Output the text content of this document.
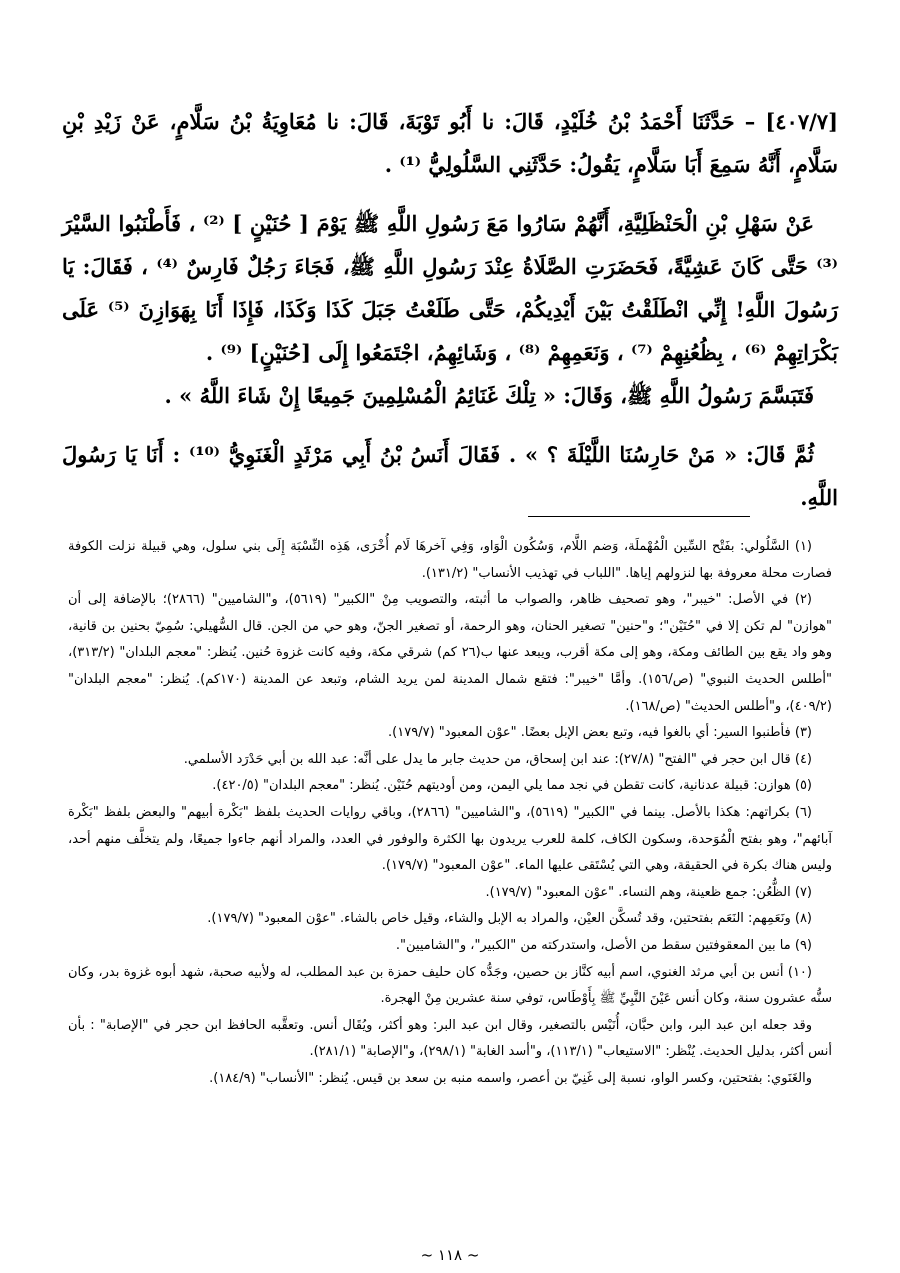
[٤٠٧/٧] – حَدَّثَنَا أَحْمَدُ بْنُ خُلَيْدٍ، قَالَ: نا أَبُو تَوْبَةَ، قَالَ: نا مُعَاوِيَةُ بْنُ سَلَّامٍ، عَنْ زَيْدِ بْنِ سَلَّامٍ، أَنَّهُ سَمِعَ أَبَا سَلَّامٍ، يَقُولُ: حَدَّثَنِي السَّلُولِيُّ ⁽¹⁾ .

عَنْ سَهْلِ بْنِ الْحَنْظَلِيَّةِ، أَنَّهُمْ سَارُوا مَعَ رَسُولِ اللَّهِ ﷺ يَوْمَ [ حُنَيْنٍ ] ⁽²⁾ ، فَأَطْنَبُوا السَّيْرَ ⁽³⁾ حَتَّى كَانَ عَشِيَّةً، فَحَضَرَتِ الصَّلَاةُ عِنْدَ رَسُولِ اللَّهِ ﷺ، فَجَاءَ رَجُلٌ فَارِسٌ ⁽⁴⁾ ، فَقَالَ: يَا رَسُولَ اللَّهِ! إِنِّي انْطَلَقْتُ بَيْنَ أَيْدِيكُمْ، حَتَّى طَلَعْتُ جَبَلَ كَذَا وَكَذَا، فَإِذَا أَنَا بِهَوَازِنَ ⁽⁵⁾ عَلَى بَكْرَاتِهِمْ ⁽⁶⁾ ، بِظُعُنِهِمْ ⁽⁷⁾ ، وَنَعَمِهِمْ ⁽⁸⁾ ، وَشَائِهِمُ، اجْتَمَعُوا إِلَى [حُنَيْنٍ] ⁽⁹⁾ .

فَتَبَسَّمَ رَسُولُ اللَّهِ ﷺ، وَقَالَ: « تِلْكَ غَنَائِمُ الْمُسْلِمِينَ جَمِيعًا إِنْ شَاءَ اللَّهُ » .

ثُمَّ قَالَ: « مَنْ حَارِسُنَا اللَّيْلَةَ ؟ » . فَقَالَ أَنَسُ بْنُ أَبِي مَرْثَدٍ الْغَنَوِيُّ ⁽¹⁰⁾ : أَنَا يَا رَسُولَ اللَّهِ.

(١) السَّلُولي: بفَتْح السِّين الْمُهْملَة، وَضم اللَّام، وَسُكُون الْوَاو، وَفِي آخرهَا لَام أُخْرَى، هَذِه النِّسْبَة إِلَى بني سلول، وهي قبيلة نزلت الكوفة فصارت محلة معروفة بها لنزولهم إياها. "اللباب في تهذيب الأنساب" (١٣١/٢).

(٢) في الأصل: "خيبر"، وهو تصحيف ظاهر، والصواب ما أثبته، والتصويب مِنْ "الكبير" (٥٦١٩)، و"الشاميين" (٢٨٦٦)؛ بالإضافة إلى أن "هوازن" لم تكن إلا في "حُنَيْن"؛ و"حنين" تصغير الحنان، وهو الرحمة، أو تصغير الجنّ، وهو حي من الجن. قال السُّهيلي: سُمِيّ بحنين بن قانية، وهو واد يقع بين الطائف ومكة، وهو إلى مكة أقرب، ويبعد عنها ب(٢٦ كم) شرقي مكة، وفيه كانت غزوة حُنين. يُنظر: "معجم البلدان" (٣١٣/٢)، "أطلس الحديث النبوي" (ص/١٥٦). وأمَّا "خيبر": فتقع شمال المدينة لمن يريد الشام، وتبعد عن المدينة (١٧٠كم). يُنظر: "معجم البلدان" (٤٠٩/٢)، و"أطلس الحديث" (ص/١٦٨).

(٣) فأطنبوا السير: أي بالغوا فيه، وتبع بعض الإبل بعضًا. "عوْن المعبود" (١٧٩/٧).

(٤) قال ابن حجر في "الفتح" (٢٧/٨): عند ابن إسحاق، من حديث جابر ما يدل على أنَّه: عبد الله بن أبي حَدْرَد الأسلمي.

(٥) هوازن: قبيلة عدنانية، كانت تقطن في نجد مما يلي اليمن، ومن أوديتهم حُنَيْن. يُنظر: "معجم البلدان" (٤٢٠/٥).

(٦) بكراتهم: هكذا بالأصل. بينما في "الكبير" (٥٦١٩)، و"الشاميين" (٢٨٦٦)، وباقي روايات الحديث بلفظ "بَكْرة أبيهم" والبعض بلفظ "بَكْرة آبائهم"، وهو بفتح الْمُوَحدة، وسكون الكاف، كلمة للعرب يريدون بها الكثرة والوفور في العدد، والمراد أنهم جاءوا جميعًا، ولم يتخلَّف منهم أحد، وليس هناك بكرة في الحقيقة، وهي التي يُسْتَقى عليها الماء. "عوْن المعبود" (١٧٩/٧).

(٧) الظُّعُن: جمع ظعينة، وهم النساء. "عوْن المعبود" (١٧٩/٧).

(٨) ونَعَمِهم: النَعَم بفتحتين، وقد تُسكَّن العيْن، والمراد به الإبل والشاء، وقيل خاص بالشاء. "عوْن المعبود" (١٧٩/٧).

(٩) ما بين المعقوفتين سقط من الأصل، واستدركته من "الكبير"، و"الشاميين".

(١٠) أنس بن أبي مرثد الغنوي، اسم أبيه كنَّاز بن حصين، وجَدُّه كان حليف حمزة بن عبد المطلب، له ولأبيه صحبة، شهد أبوه غزوة بدر، وكان سنُّه عشرون سنة، وكان أنس عَيْنَ النَّبِيِّ ﷺ بِأَوْطَاس، توفي سنة عشرين مِنْ الهجرة.

وقد جعله ابن عبد البر، وابن حبَّان، أُنَيْس بالتصغير، وقال ابن عبد البر: وهو أكثر، ويُقَال أنس. وتعقَّبه الحافظ ابن حجر في "الإصابة" : بأن أنس أكثر، بدليل الحديث. يُنْظر: "الاستيعاب" (١١٣/١)، و"أسد الغابة" (٢٩٨/١)، و"الإصابة" (٢٨١/١).

والغَنَوي: بفتحتين، وكسر الواو، نسبة إلى غَنِيّ بن أعصر، واسمه منبه بن سعد بن قيس. يُنظر: "الأنساب" (١٨٤/٩).

~ ١١٨ ~
